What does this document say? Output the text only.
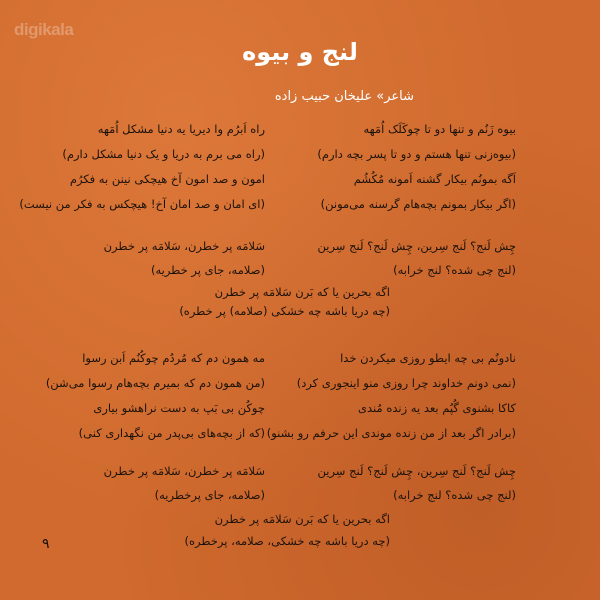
digikala
لنج و بیوه
شاعر» علیخان حبیب زاده
بیوه زَنُم و تنها دو تا چوکَلَک اُمَهه
(بیوه‌زنی تنها هستم و دو تا پسر بچه دارم)
اَگه بمونُم بیکار گشنه اَمونه مُکُشُم
(اگر بیکار بمونم بچه‌هام گرسنه می‌مونن)
راه اَبرُم وا دیریا یه دنیا مشکل اُمَهه
(راه می برم به دریا و یک دنیا مشکل دارم)
امون و صد امون آخ هیچکی نینن به فکرُم
(ای امان و صد امان آخ! هیچکس به فکر من نیست)
چِش لَنج؟ لَنج سِرین، چِش لَنج؟ لَنج سِرین
(لنج چی شده؟ لنج خرابه)
سَلامَه پر خطرن، سَلامَه پر خطرن
(صلامه، جای پر خطریه)
اگه بحرین یا که بَرن سَلامَه پر خطرن
(چه دریا باشه چه خشکی (صلامه) پر خطره)
نادونُم بی چه ایطو روزی میکردن خدا
(نمی دونم خداوند چرا روزی منو اینجوری کرد)
کاکا بشنوی گُپُم بعد یه زنده مُندی
(برادر اگر بعد از من زنده موندی این حرفم رو بشنو)
مه همون دم که مُردُم چوکُنُم اَبن رسوا
(من همون دم که بمیرم بچه‌هام رسوا می‌شن)
چوکُن بی بَپ به دست نراهشو بیاری
(که از بچه‌های بی‌پدر من نگهداری کنی)
چِش لَنج؟ لَنج سِرین، چِش لَنج؟ لَنج سِرین
(لنج چی شده؟ لنج خرابه)
سَلامَه پر خطرن، سَلامَه پر خطرن
(صلامه، جای پرخطریه)
اگه بحرین یا که بَرن سَلامَه پر خطرن
(چه دریا باشه چه خشکی، صلامه، پرخطره)
۹
